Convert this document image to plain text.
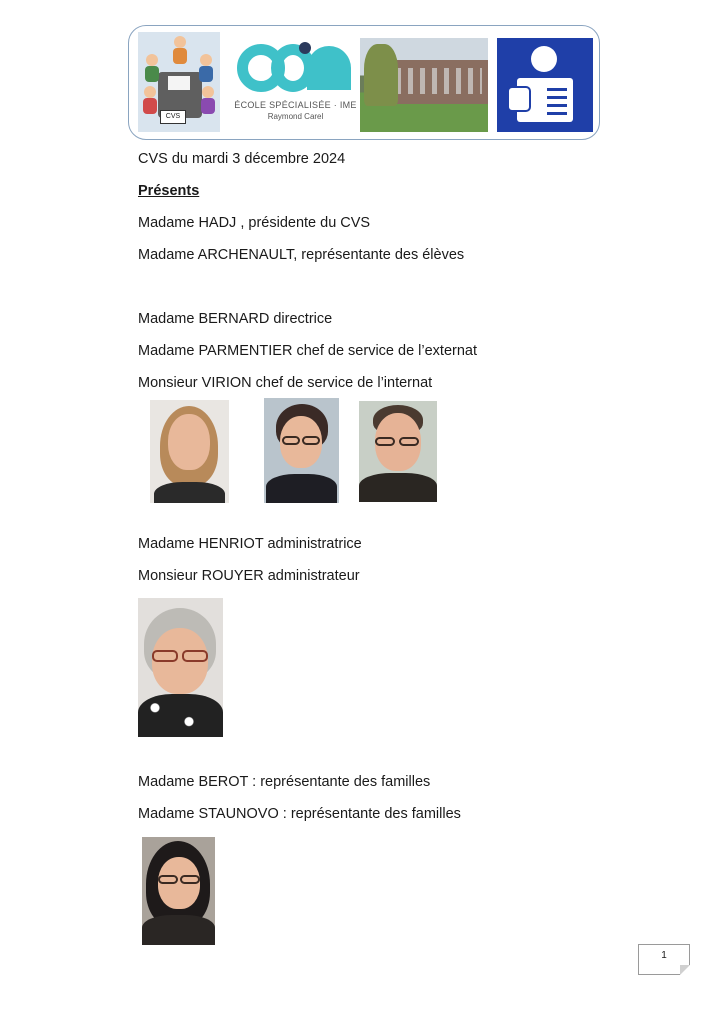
CVS
ÉCOLE SPÉCIALISÉE · IME
Raymond Carel
CVS du mardi 3 décembre 2024
Présents
Madame HADJ , présidente du CVS
Madame ARCHENAULT, représentante des élèves
Madame BERNARD directrice
Madame PARMENTIER chef de service de l’externat
Monsieur VIRION chef de service de l’internat
Madame HENRIOT administratrice
Monsieur ROUYER administrateur
Madame BEROT : représentante des familles
Madame STAUNOVO : représentante des familles
1
